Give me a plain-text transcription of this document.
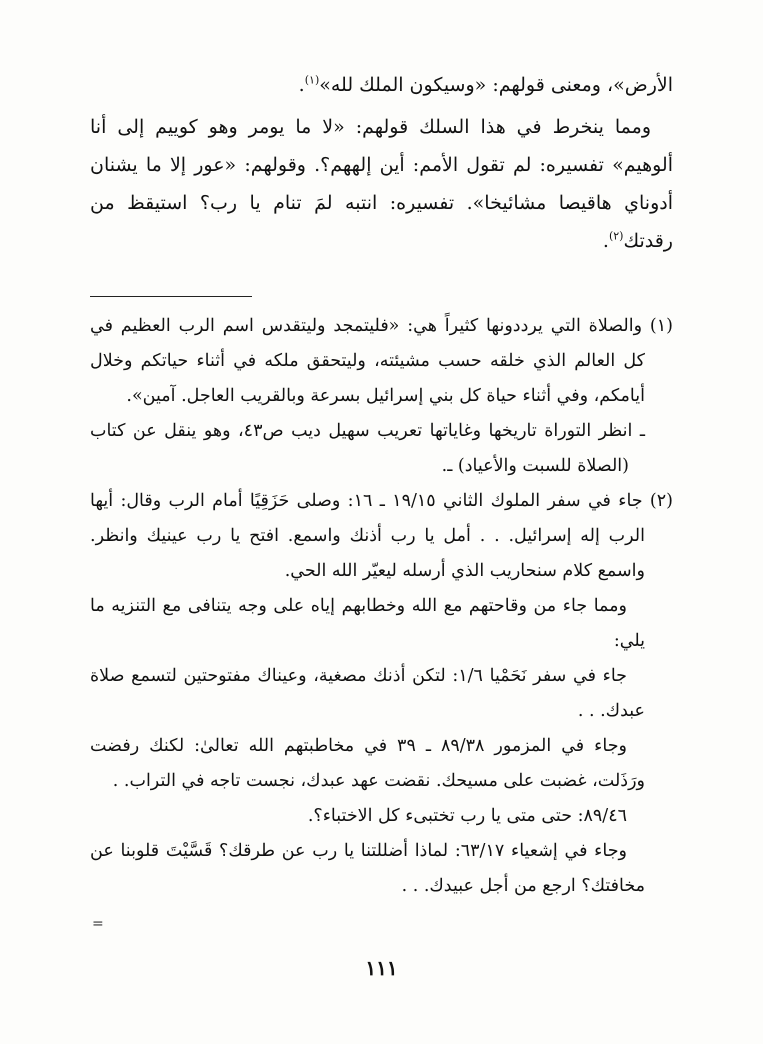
الأرض»، ومعنى قولهم: «وسيكون الملك لله»$^{(١)}$.

ومما ينخرط في هذا السلك قولهم: «لا ما يومر وهو كوييم إلى أنا ألوهيم» تفسيره: لم تقول الأمم: أين إلههم؟. وقولهم: «عور إلا ما يشنان أدوناي هاقيصا مشائيخا». تفسيره: انتبه لمَ تنام يا رب؟ استيقظ من رقدتك$^{(٢)}$.

(١) والصلاة التي يرددونها كثيراً هي: «فليتمجد وليتقدس اسم الرب العظيم في كل العالم الذي خلقه حسب مشيئته، وليتحقق ملكه في أثناء حياتكم وخلال أيامكم، وفي أثناء حياة كل بني إسرائيل بسرعة وبالقريب العاجل. آمين».

ـ انظر التوراة تاريخها وغاياتها تعريب سهيل ديب ص٤٣، وهو ينقل عن كتاب (الصلاة للسبت والأعياد) ـ.

(٢) جاء في سفر الملوك الثاني ١٩/١٥ ـ ١٦: وصلى حَزَقِيًا أمام الرب وقال: أيها الرب إله إسرائيل. . . أمل يا رب أذنك واسمع. افتح يا رب عينيك وانظر. واسمع كلام سنحاريب الذي أرسله ليعيّر الله الحي.

ومما جاء من وقاحتهم مع الله وخطابهم إياه على وجه يتنافى مع التنزيه ما يلي:

جاء في سفر نَحَمْيا ١/٦: لتكن أذنك مصغية، وعيناك مفتوحتين لتسمع صلاة عبدك. . .

وجاء في المزمور ٨٩/٣٨ ـ ٣٩ في مخاطبتهم الله تعالىٰ: لكنك رفضت ورَذَلت، غضبت على مسيحك. نقضت عهد عبدك، نجست تاجه في التراب. .

٨٩/٤٦: حتى متى يا رب تختبىء كل الاختباء؟.

وجاء في إشعياء ٦٣/١٧: لماذا أضللتنا يا رب عن طرقك؟ قَسَّيْتَ قلوبنا عن مخافتك؟ ارجع من أجل عبيدك. . .

=
١١١
